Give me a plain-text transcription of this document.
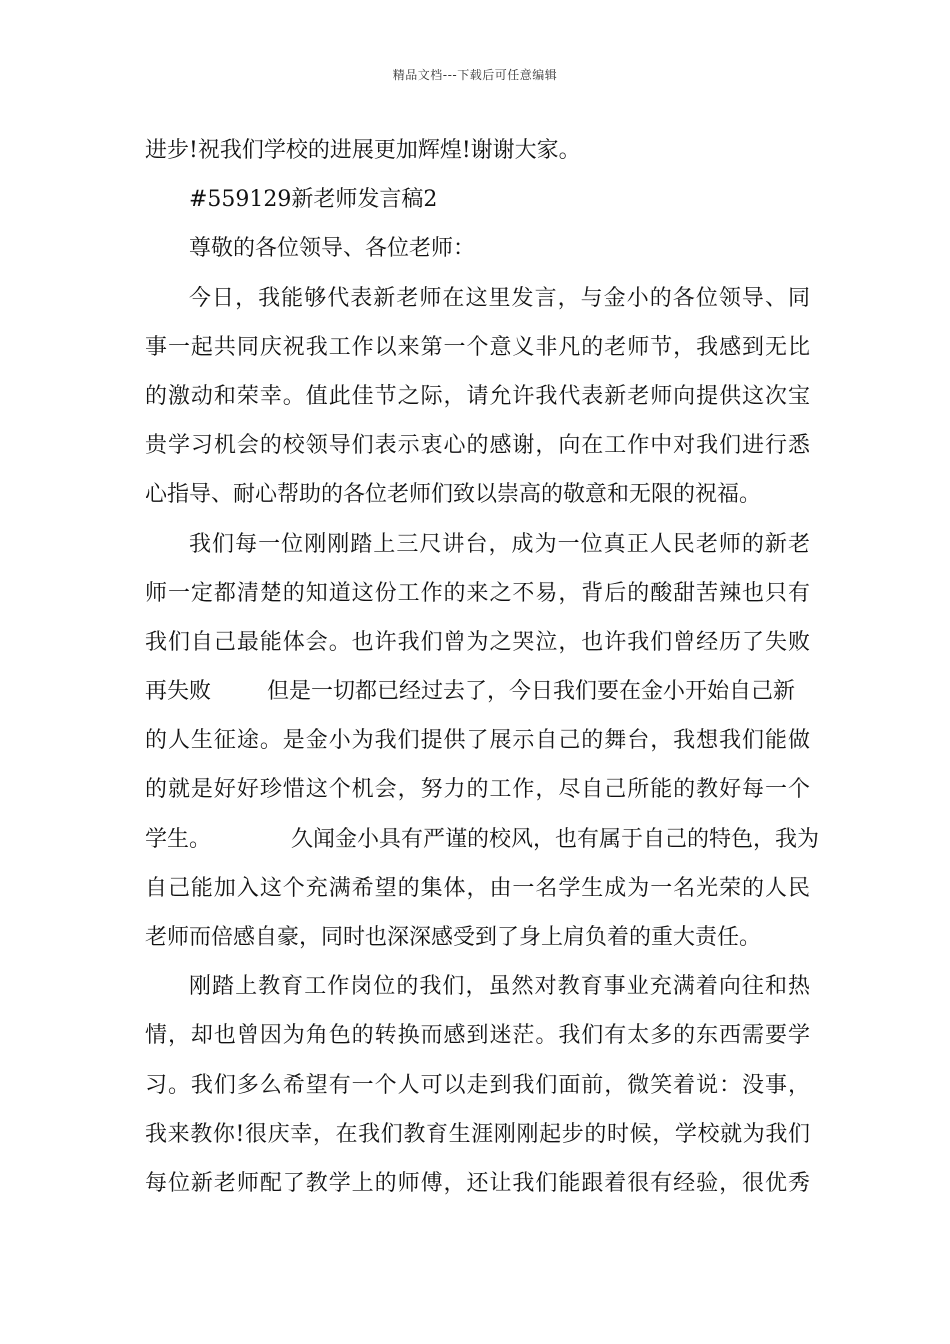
精品文档---下载后可任意编辑
进步!祝我们学校的进展更加辉煌!谢谢大家。
#559129新老师发言稿2
尊敬的各位领导、各位老师：
今日，我能够代表新老师在这里发言，与金小的各位领导、同
事一起共同庆祝我工作以来第一个意义非凡的老师节，我感到无比
的激动和荣幸。值此佳节之际，请允许我代表新老师向提供这次宝
贵学习机会的校领导们表示衷心的感谢，向在工作中对我们进行悉
心指导、耐心帮助的各位老师们致以崇高的敬意和无限的祝福。
我们每一位刚刚踏上三尺讲台，成为一位真正人民老师的新老
师一定都清楚的知道这份工作的来之不易，背后的酸甜苦辣也只有
我们自己最能体会。也许我们曾为之哭泣，也许我们曾经历了失败
再失败	但是一切都已经过去了，今日我们要在金小开始自己新
的人生征途。是金小为我们提供了展示自己的舞台，我想我们能做
的就是好好珍惜这个机会，努力的工作，尽自己所能的教好每一个
学生。	久闻金小具有严谨的校风，也有属于自己的特色，我为
自己能加入这个充满希望的集体，由一名学生成为一名光荣的人民
老师而倍感自豪，同时也深深感受到了身上肩负着的重大责任。
刚踏上教育工作岗位的我们，虽然对教育事业充满着向往和热
情，却也曾因为角色的转换而感到迷茫。我们有太多的东西需要学
习。我们多么希望有一个人可以走到我们面前，微笑着说：没事，
我来教你!很庆幸，在我们教育生涯刚刚起步的时候，学校就为我们
每位新老师配了教学上的师傅，还让我们能跟着很有经验，很优秀
